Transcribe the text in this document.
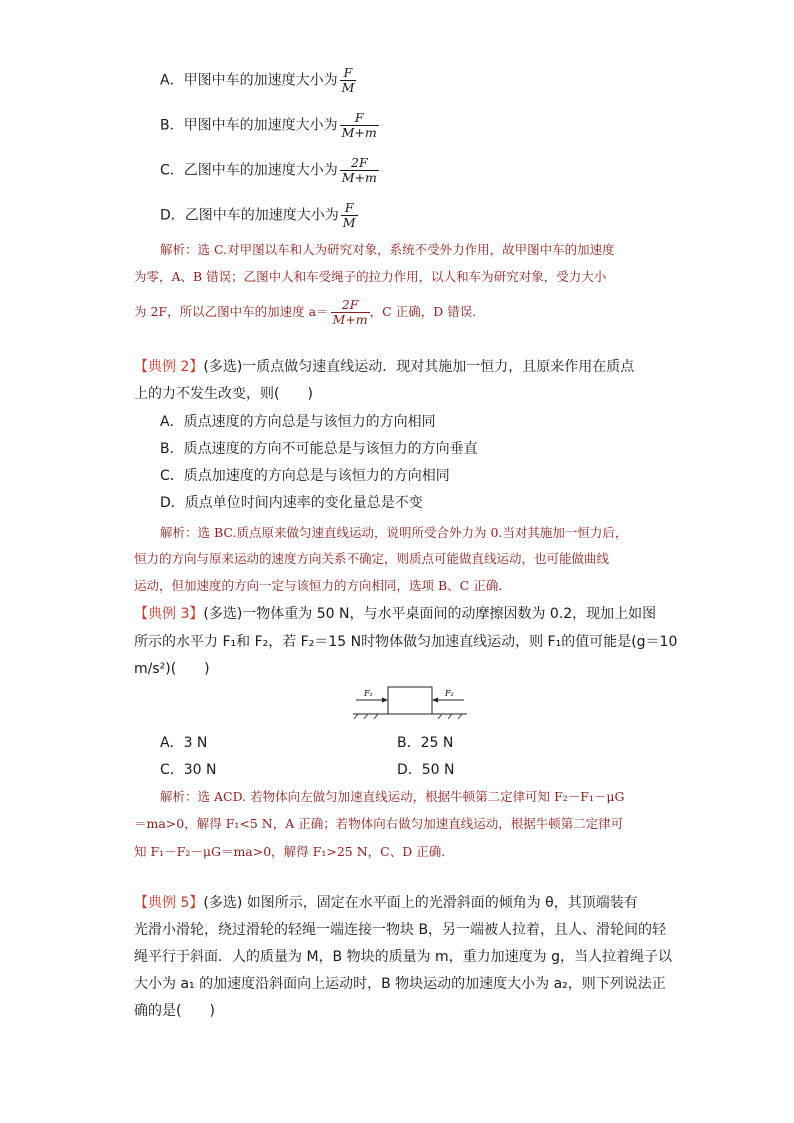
A．甲图中车的加速度大小为 $\frac{F}{M}$
B．甲图中车的加速度大小为 $\frac{F}{M+m}$
C．乙图中车的加速度大小为 $\frac{2F}{M+m}$
D．乙图中车的加速度大小为 $\frac{F}{M}$
解析：选 C.对甲图以车和人为研究对象，系统不受外力作用，故甲图中车的加速度
为零，A、B 错误；乙图中人和车受绳子的拉力作用，以人和车为研究对象，受力大小
为 2F，所以乙图中车的加速度 $a= \frac{2F}{M+m}$ ，C 正确，D 错误.
【典例 2】(多选)一质点做匀速直线运动．现对其施加一恒力，且原来作用在质点
上的力不发生改变，则(　　)
A．质点速度的方向总是与该恒力的方向相同
B．质点速度的方向不可能总是与该恒力的方向垂直
C．质点加速度的方向总是与该恒力的方向相同
D．质点单位时间内速率的变化量总是不变
解析：选 BC.质点原来做匀速直线运动，说明所受合外力为 0.当对其施加一恒力后，
恒力的方向与原来运动的速度方向关系不确定，则质点可能做直线运动，也可能做曲线
运动，但加速度的方向一定与该恒力的方向相同，选项 B、C 正确．
【典例 3】(多选)一物体重为 50 N，与水平桌面间的动摩擦因数为 0.2，现加上如图
所示的水平力 F₁和 F₂，若 F₂＝15 N时物体做匀加速直线运动，则 F₁的值可能是(g＝10
m/s²)(　　)
F₁	F₂
A．3 N	B．25 N
C．30 N	D．50 N
解析：选 ACD. 若物体向左做匀加速直线运动，根据牛顿第二定律可知 F₂－F₁－μG
＝ma>0，解得 F₁<5 N，A 正确；若物体向右做匀加速直线运动，根据牛顿第二定律可
知 F₁－F₂－μG＝ma>0，解得 F₁>25 N，C、D 正确.
【典例 5】(多选) 如图所示，固定在水平面上的光滑斜面的倾角为 θ，其顶端装有
光滑小滑轮，绕过滑轮的轻绳一端连接一物块 B，另一端被人拉着，且人、滑轮间的轻
绳平行于斜面．人的质量为 M，B 物块的质量为 m，重力加速度为 g，当人拉着绳子以
大小为 a₁ 的加速度沿斜面向上运动时，B 物块运动的加速度大小为 a₂，则下列说法正
确的是(　　)
